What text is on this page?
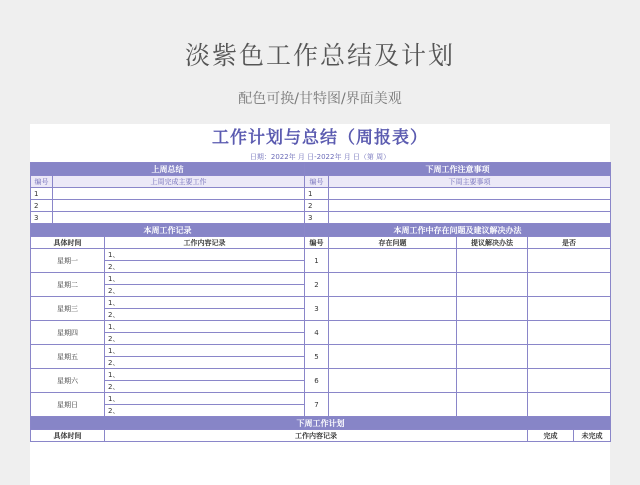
淡紫色工作总结及计划
配色可换/甘特图/界面美观
工作计划与总结（周报表）
日期：2022年 月 日-2022年 月 日（第 周）
上周总结			下周工作注意事项				
编号	上周完成主要工作		编号	下周主要事项			
1			1				
2			2				
3			3				
本周工作记录			本周工作中存在问题及建议解决办法				
具体时间		工作内容记录	编号	存在问题	提议解决办法	是否	
星期一		1、	1				
		2、					
星期二		1、	2				
		2、					
星期三		1、	3				
		2、					
星期四		1、	4				
		2、					
星期五		1、	5				
		2、					
星期六		1、	6				
		2、					
星期日		1、	7				
		2、					
下周工作计划							
具体时间		工作内容记录				完成	未完成
